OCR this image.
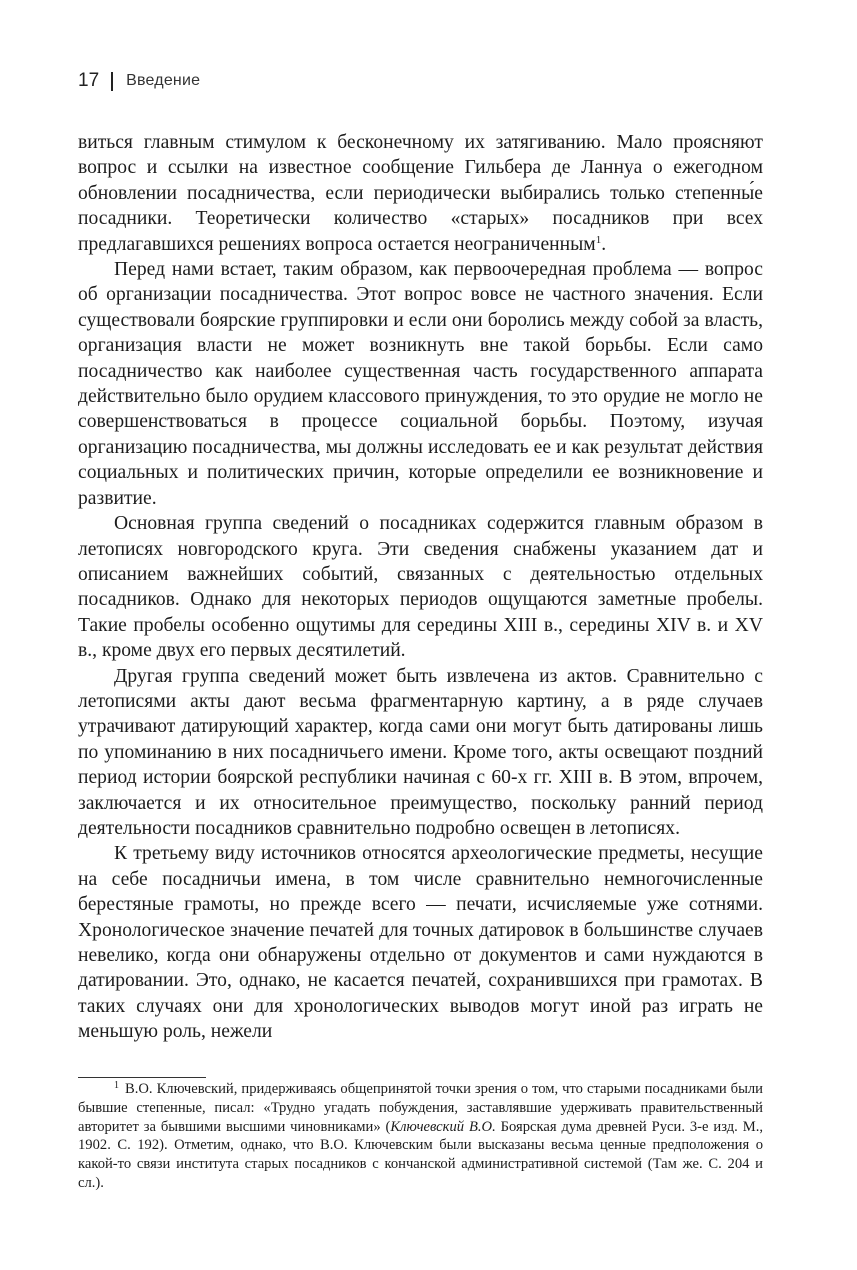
17 Введение

виться главным стимулом к бесконечному их затягиванию. Мало проясняют вопрос и ссылки на известное сообщение Гильбера де Ланнуа о ежегодном обновлении посадничества, если периодически выбирались только степенны́е посадники. Теоретически количество «старых» посадников при всех предлагавшихся решениях вопроса остается неограниченным$^1$.

Перед нами встает, таким образом, как первоочередная проблема — вопрос об организации посадничества. Этот вопрос вовсе не частного значения. Если существовали боярские группировки и если они боролись между собой за власть, организация власти не может возникнуть вне такой борьбы. Если само посадничество как наиболее существенная часть государственного аппарата действительно было орудием классового принуждения, то это орудие не могло не совершенствоваться в процессе социальной борьбы. Поэтому, изучая организацию посадничества, мы должны исследовать ее и как результат действия социальных и политических причин, которые определили ее возникновение и развитие.

Основная группа сведений о посадниках содержится главным образом в летописях новгородского круга. Эти сведения снабжены указанием дат и описанием важнейших событий, связанных с деятельностью отдельных посадников. Однако для некоторых периодов ощущаются заметные пробелы. Такие пробелы особенно ощутимы для середины XIII в., середины XIV в. и XV в., кроме двух его первых десятилетий.

Другая группа сведений может быть извлечена из актов. Сравнительно с летописями акты дают весьма фрагментарную картину, а в ряде случаев утрачивают датирующий характер, когда сами они могут быть датированы лишь по упоминанию в них посадничьего имени. Кроме того, акты освещают поздний период истории боярской республики начиная с 60-х гг. XIII в. В этом, впрочем, заключается и их относительное преимущество, поскольку ранний период деятельности посадников сравнительно подробно освещен в летописях.

К третьему виду источников относятся археологические предметы, несущие на себе посадничьи имена, в том числе сравнительно немногочисленные берестяные грамоты, но прежде всего — печати, исчисляемые уже сотнями. Хронологическое значение печатей для точных датировок в большинстве случаев невелико, когда они обнаружены отдельно от документов и сами нуждаются в датировании. Это, однако, не касается печатей, сохранившихся при грамотах. В таких случаях они для хронологических выводов могут иной раз играть не меньшую роль, нежели

$^1$ В.О. Ключевский, придерживаясь общепринятой точки зрения о том, что старыми посадниками были бывшие степенные, писал: «Трудно угадать побуждения, заставлявшие удерживать правительственный авторитет за бывшими высшими чиновниками» (Ключевский В.О. Боярская дума древней Руси. 3-е изд. М., 1902. С. 192). Отметим, однако, что В.О. Ключевским были высказаны весьма ценные предположения о какой-то связи института старых посадников с кончанской административной системой (Там же. С. 204 и сл.).
